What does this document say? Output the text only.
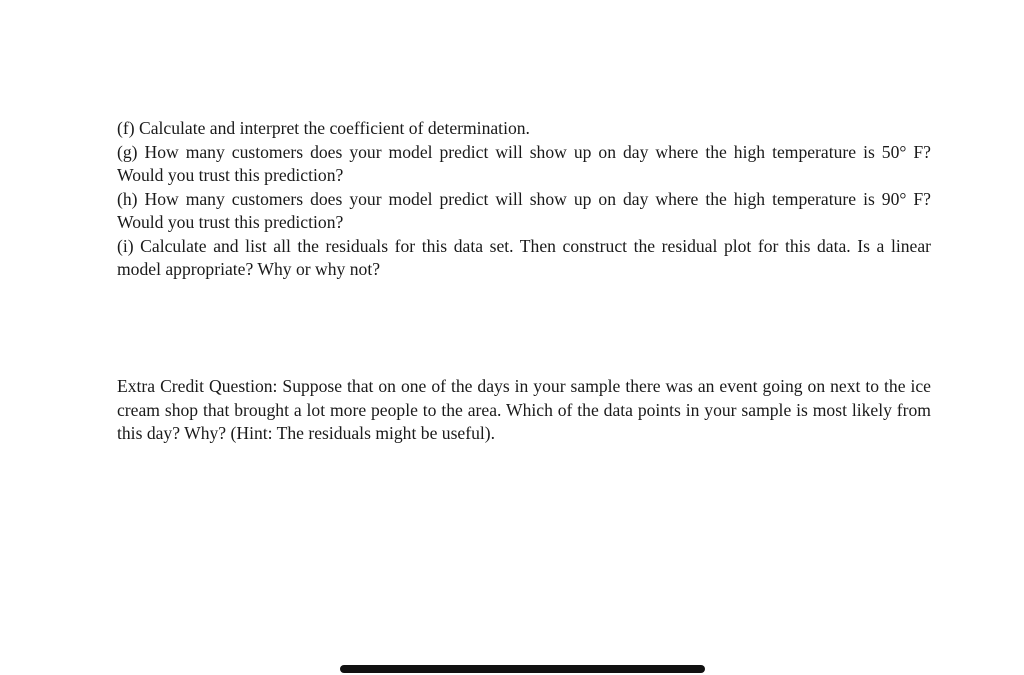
(f) Calculate and interpret the coefficient of determination.

(g) How many customers does your model predict will show up on day where the high temperature is 50° F? Would you trust this prediction?

(h) How many customers does your model predict will show up on day where the high temperature is 90° F? Would you trust this prediction?

(i) Calculate and list all the residuals for this data set. Then construct the residual plot for this data. Is a linear model appropriate? Why or why not?

Extra Credit Question: Suppose that on one of the days in your sample there was an event going on next to the ice cream shop that brought a lot more people to the area. Which of the data points in your sample is most likely from this day? Why? (Hint: The residuals might be useful).
